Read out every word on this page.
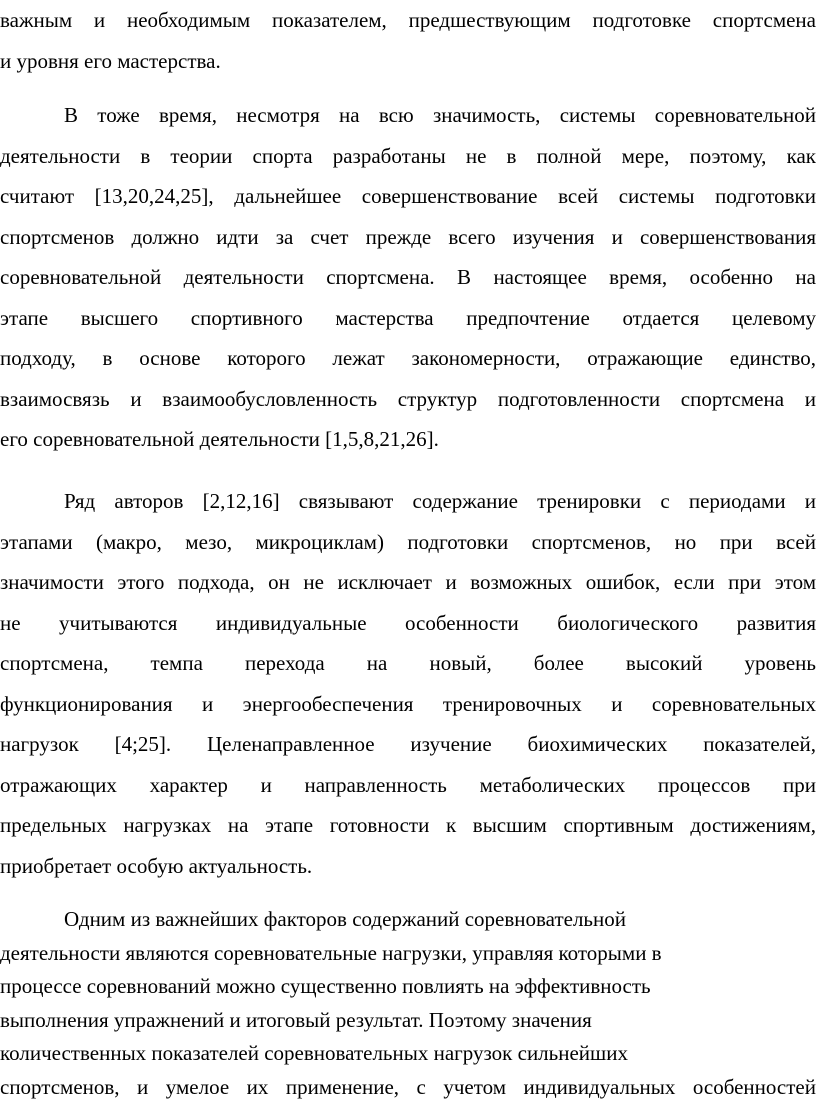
важным и необходимым показателем, предшествующим подготовке спортсмена
и уровня его мастерства.
В тоже время, несмотря на всю значимость, системы соревновательной
деятельности в теории спорта разработаны не в полной мере, поэтому, как
считают [13,20,24,25], дальнейшее совершенствование всей системы подготовки
спортсменов должно идти за счет прежде всего изучения и совершенствования
соревновательной деятельности спортсмена. В настоящее время, особенно на
этапе высшего спортивного мастерства предпочтение отдается целевому
подходу, в основе которого лежат закономерности, отражающие единство,
взаимосвязь и взаимообусловленность структур подготовленности спортсмена и
его соревновательной деятельности [1,5,8,21,26].
Ряд авторов [2,12,16] связывают содержание тренировки с периодами и
этапами (макро, мезо, микроциклам) подготовки спортсменов, но при всей
значимости этого подхода, он не исключает и возможных ошибок, если при этом
не учитываются индивидуальные особенности биологического развития
спортсмена, темпа перехода на новый, более высокий уровень
функционирования и энергообеспечения тренировочных и соревновательных
нагрузок [4;25]. Целенаправленное изучение биохимических показателей,
отражающих характер и направленность метаболических процессов при
предельных нагрузках на этапе готовности к высшим спортивным достижениям,
приобретает особую актуальность.
Одним из важнейших факторов содержаний соревновательной
деятельности являются соревновательные нагрузки, управляя которыми в
процессе соревнований можно существенно повлиять на эффективность
выполнения упражнений и итоговый результат. Поэтому значения
количественных показателей соревновательных нагрузок сильнейших
спортсменов, и умелое их применение, с учетом индивидуальных особенностей
